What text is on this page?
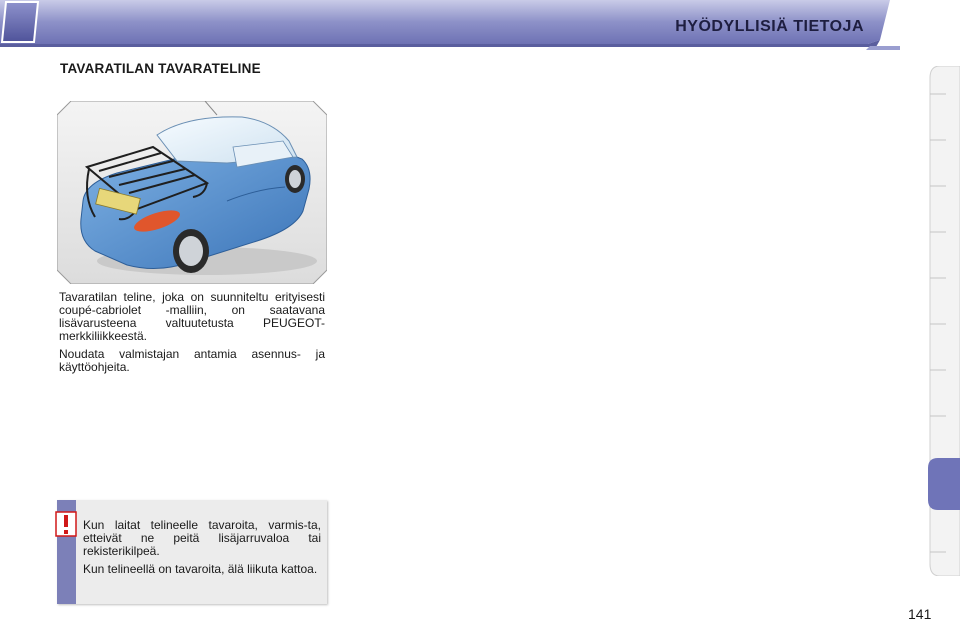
HYÖDYLLISIÄ TIETOJA	9
TAVARATILAN TAVARATELINE

Tavaratilan teline, joka on suunniteltu erityisesti coupé-cabriolet -malliin, on saatavana lisävarusteena valtuutetusta PEUGEOT-merkkiliikkeestä.

Noudata valmistajan antamia asennus- ja käyttöohjeita.

Kun laitat telineelle tavaroita, varmis-ta, etteivät ne peitä lisäjarruvaloa tai rekisterikilpeä.

Kun telineellä on tavaroita, älä liikuta kattoa.

141
